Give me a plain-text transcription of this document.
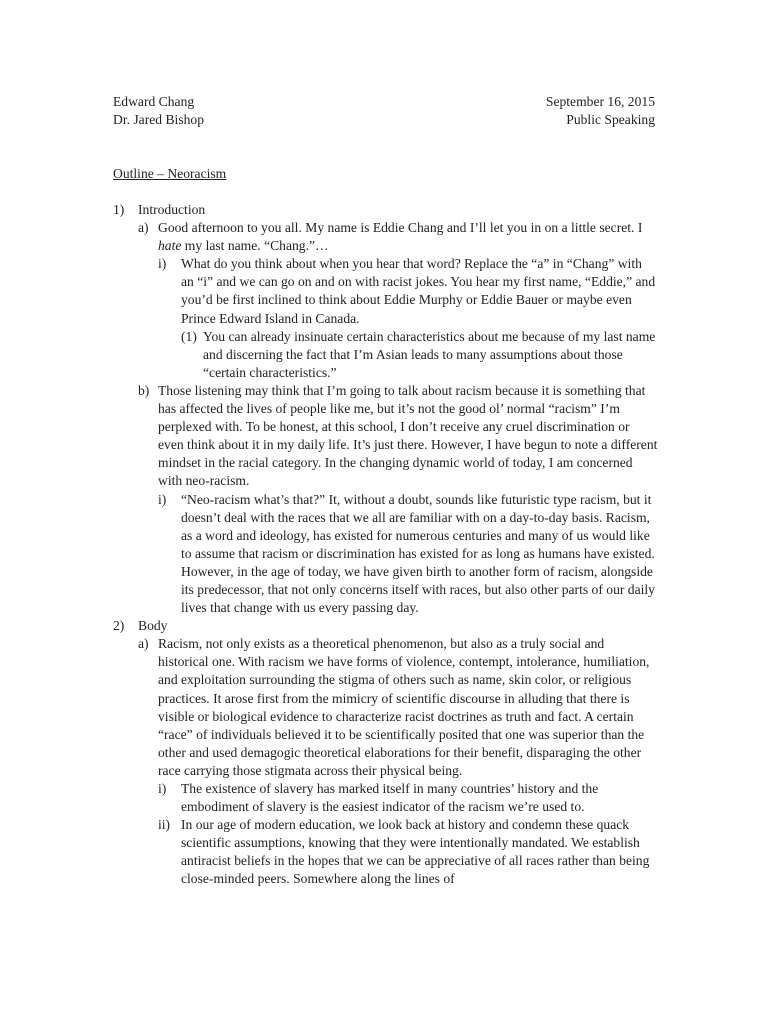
Edward Chang	September 16, 2015
Dr. Jared Bishop	Public Speaking
Outline – Neoracism
1)	Introduction
a) Good afternoon to you all. My name is Eddie Chang and I’ll let you in on a little secret. I hate my last name. “Chang.”…
i)	What do you think about when you hear that word? Replace the “a” in “Chang” with an “i” and we can go on and on with racist jokes. You hear my first name, “Eddie,” and you’d be first inclined to think about Eddie Murphy or Eddie Bauer or maybe even Prince Edward Island in Canada.
(1) You can already insinuate certain characteristics about me because of my last name and discerning the fact that I’m Asian leads to many assumptions about those “certain characteristics.”
b) Those listening may think that I’m going to talk about racism because it is something that has affected the lives of people like me, but it’s not the good ol’ normal “racism” I’m perplexed with. To be honest, at this school, I don’t receive any cruel discrimination or even think about it in my daily life. It’s just there. However, I have begun to note a different mindset in the racial category. In the changing dynamic world of today, I am concerned with neo-racism.
i)	“Neo-racism what’s that?” It, without a doubt, sounds like futuristic type racism, but it doesn’t deal with the races that we all are familiar with on a day-to-day basis. Racism, as a word and ideology, has existed for numerous centuries and many of us would like to assume that racism or discrimination has existed for as long as humans have existed. However, in the age of today, we have given birth to another form of racism, alongside its predecessor, that not only concerns itself with races, but also other parts of our daily lives that change with us every passing day.
2)	Body
a) Racism, not only exists as a theoretical phenomenon, but also as a truly social and historical one. With racism we have forms of violence, contempt, intolerance, humiliation, and exploitation surrounding the stigma of others such as name, skin color, or religious practices. It arose first from the mimicry of scientific discourse in alluding that there is visible or biological evidence to characterize racist doctrines as truth and fact. A certain “race” of individuals believed it to be scientifically posited that one was superior than the other and used demagogic theoretical elaborations for their benefit, disparaging the other race carrying those stigmata across their physical being.
i)	The existence of slavery has marked itself in many countries’ history and the embodiment of slavery is the easiest indicator of the racism we’re used to.
ii) In our age of modern education, we look back at history and condemn these quack scientific assumptions, knowing that they were intentionally mandated. We establish antiracist beliefs in the hopes that we can be appreciative of all races rather than being close-minded peers. Somewhere along the lines of
